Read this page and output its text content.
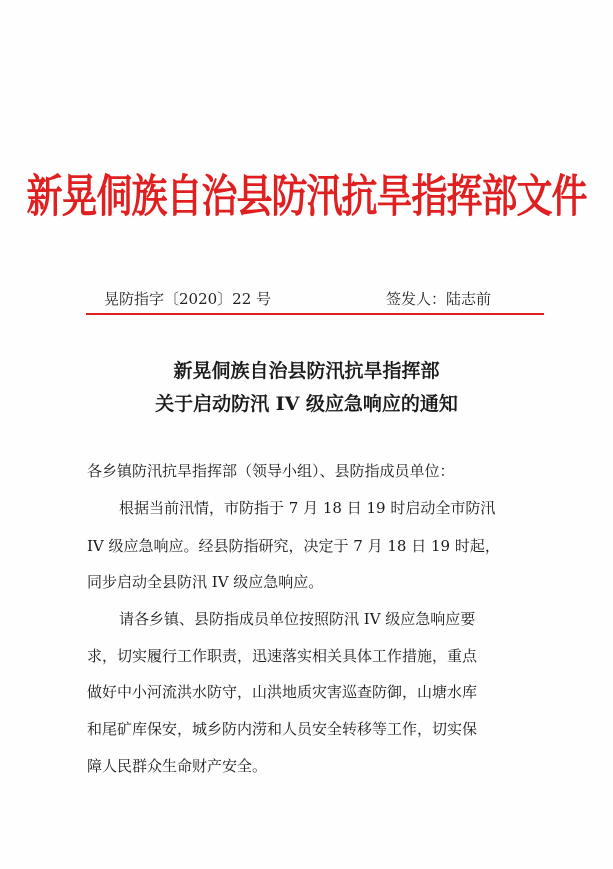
新晃侗族自治县防汛抗旱指挥部文件
晃防指字〔2020〕22 号	签发人：陆志前
新晃侗族自治县防汛抗旱指挥部
关于启动防汛 IV 级应急响应的通知
各乡镇防汛抗旱指挥部（领导小组）、县防指成员单位：
根据当前汛情，市防指于 7 月 18 日 19 时启动全市防汛
IV 级应急响应。经县防指研究，决定于 7 月 18 日 19 时起，
同步启动全县防汛 IV 级应急响应。
请各乡镇、县防指成员单位按照防汛 IV 级应急响应要
求，切实履行工作职责，迅速落实相关具体工作措施，重点
做好中小河流洪水防守，山洪地质灾害巡查防御，山塘水库
和尾矿库保安，城乡防内涝和人员安全转移等工作，切实保
障人民群众生命财产安全。
